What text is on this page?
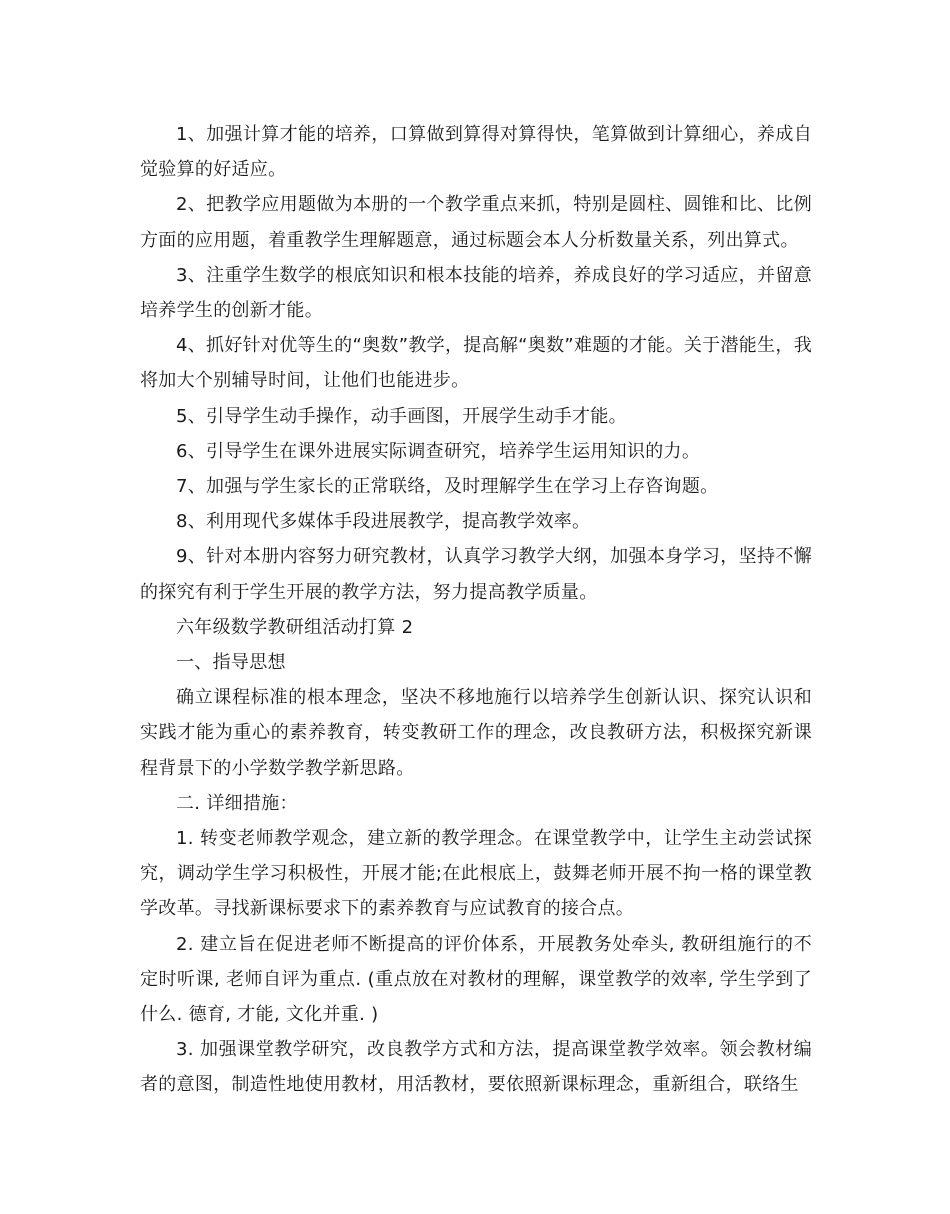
1、加强计算才能的培养，口算做到算得对算得快，笔算做到计算细心，养成自觉验算的好适应。

2、把教学应用题做为本册的一个教学重点来抓，特别是圆柱、圆锥和比、比例方面的应用题，着重教学生理解题意，通过标题会本人分析数量关系，列出算式。

3、注重学生数学的根底知识和根本技能的培养，养成良好的学习适应，并留意培养学生的创新才能。

4、抓好针对优等生的“奥数”教学，提高解“奥数”难题的才能。关于潜能生，我将加大个别辅导时间，让他们也能进步。

5、引导学生动手操作，动手画图，开展学生动手才能。

6、引导学生在课外进展实际调查研究，培养学生运用知识的力。

7、加强与学生家长的正常联络，及时理解学生在学习上存咨询题。

8、利用现代多媒体手段进展教学，提高教学效率。

9、针对本册内容努力研究教材，认真学习教学大纲，加强本身学习，坚持不懈的探究有利于学生开展的教学方法，努力提高教学质量。

六年级数学教研组活动打算 2

一、指导思想

确立课程标准的根本理念，坚决不移地施行以培养学生创新认识、探究认识和实践才能为重心的素养教育，转变教研工作的理念，改良教研方法，积极探究新课程背景下的小学数学教学新思路。

二. 详细措施：

1. 转变老师教学观念，建立新的教学理念。在课堂教学中，让学生主动尝试探究，调动学生学习积极性，开展才能;在此根底上，鼓舞老师开展不拘一格的课堂教学改革。寻找新课标要求下的素养教育与应试教育的接合点。

2. 建立旨在促进老师不断提高的评价体系，开展教务处牵头, 教研组施行的不定时听课, 老师自评为重点. (重点放在对教材的理解，课堂教学的效率, 学生学到了什么. 德育, 才能, 文化并重. )

3. 加强课堂教学研究，改良教学方式和方法，提高课堂教学效率。领会教材编者的意图，制造性地使用教材，用活教材，要依照新课标理念，重新组合，联络生
